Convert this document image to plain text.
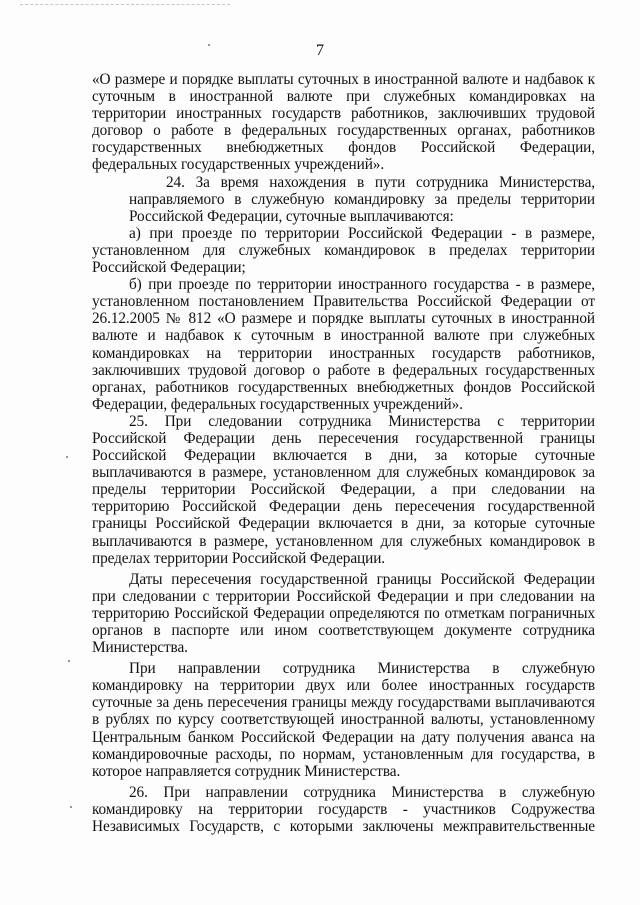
7

«О размере и порядке выплаты суточных в иностранной валюте и надбавок к
суточным в иностранной валюте при служебных командировках на
территории иностранных государств работников, заключивших трудовой
договор о работе в федеральных государственных органах, работников
государственных внебюджетных фондов Российской Федерации,
федеральных государственных учреждений».

24. За время нахождения в пути сотрудника Министерства,
направляемого в служебную командировку за пределы территории
Российской Федерации, суточные выплачиваются:

а) при проезде по территории Российской Федерации - в размере,
установленном для служебных командировок в пределах территории
Российской Федерации;

б) при проезде по территории иностранного государства - в размере,
установленном постановлением Правительства Российской Федерации от
26.12.2005 № 812 «О размере и порядке выплаты суточных в иностранной
валюте и надбавок к суточным в иностранной валюте при служебных
командировках на территории иностранных государств работников,
заключивших трудовой договор о работе в федеральных государственных
органах, работников государственных внебюджетных фондов Российской
Федерации, федеральных государственных учреждений».

25. При следовании сотрудника Министерства с территории
Российской Федерации день пересечения государственной границы
Российской Федерации включается в дни, за которые суточные
выплачиваются в размере, установленном для служебных командировок за
пределы территории Российской Федерации, а при следовании на
территорию Российской Федерации день пересечения государственной
границы Российской Федерации включается в дни, за которые суточные
выплачиваются в размере, установленном для служебных командировок в
пределах территории Российской Федерации.

Даты пересечения государственной границы Российской Федерации
при следовании с территории Российской Федерации и при следовании на
территорию Российской Федерации определяются по отметкам пограничных
органов в паспорте или ином соответствующем документе сотрудника
Министерства.

При направлении сотрудника Министерства в служебную
командировку на территории двух или более иностранных государств
суточные за день пересечения границы между государствами выплачиваются
в рублях по курсу соответствующей иностранной валюты, установленному
Центральным банком Российской Федерации на дату получения аванса на
командировочные расходы, по нормам, установленным для государства, в
которое направляется сотрудник Министерства.

26. При направлении сотрудника Министерства в служебную
командировку на территории государств - участников Содружества
Независимых Государств, с которыми заключены межправительственные
